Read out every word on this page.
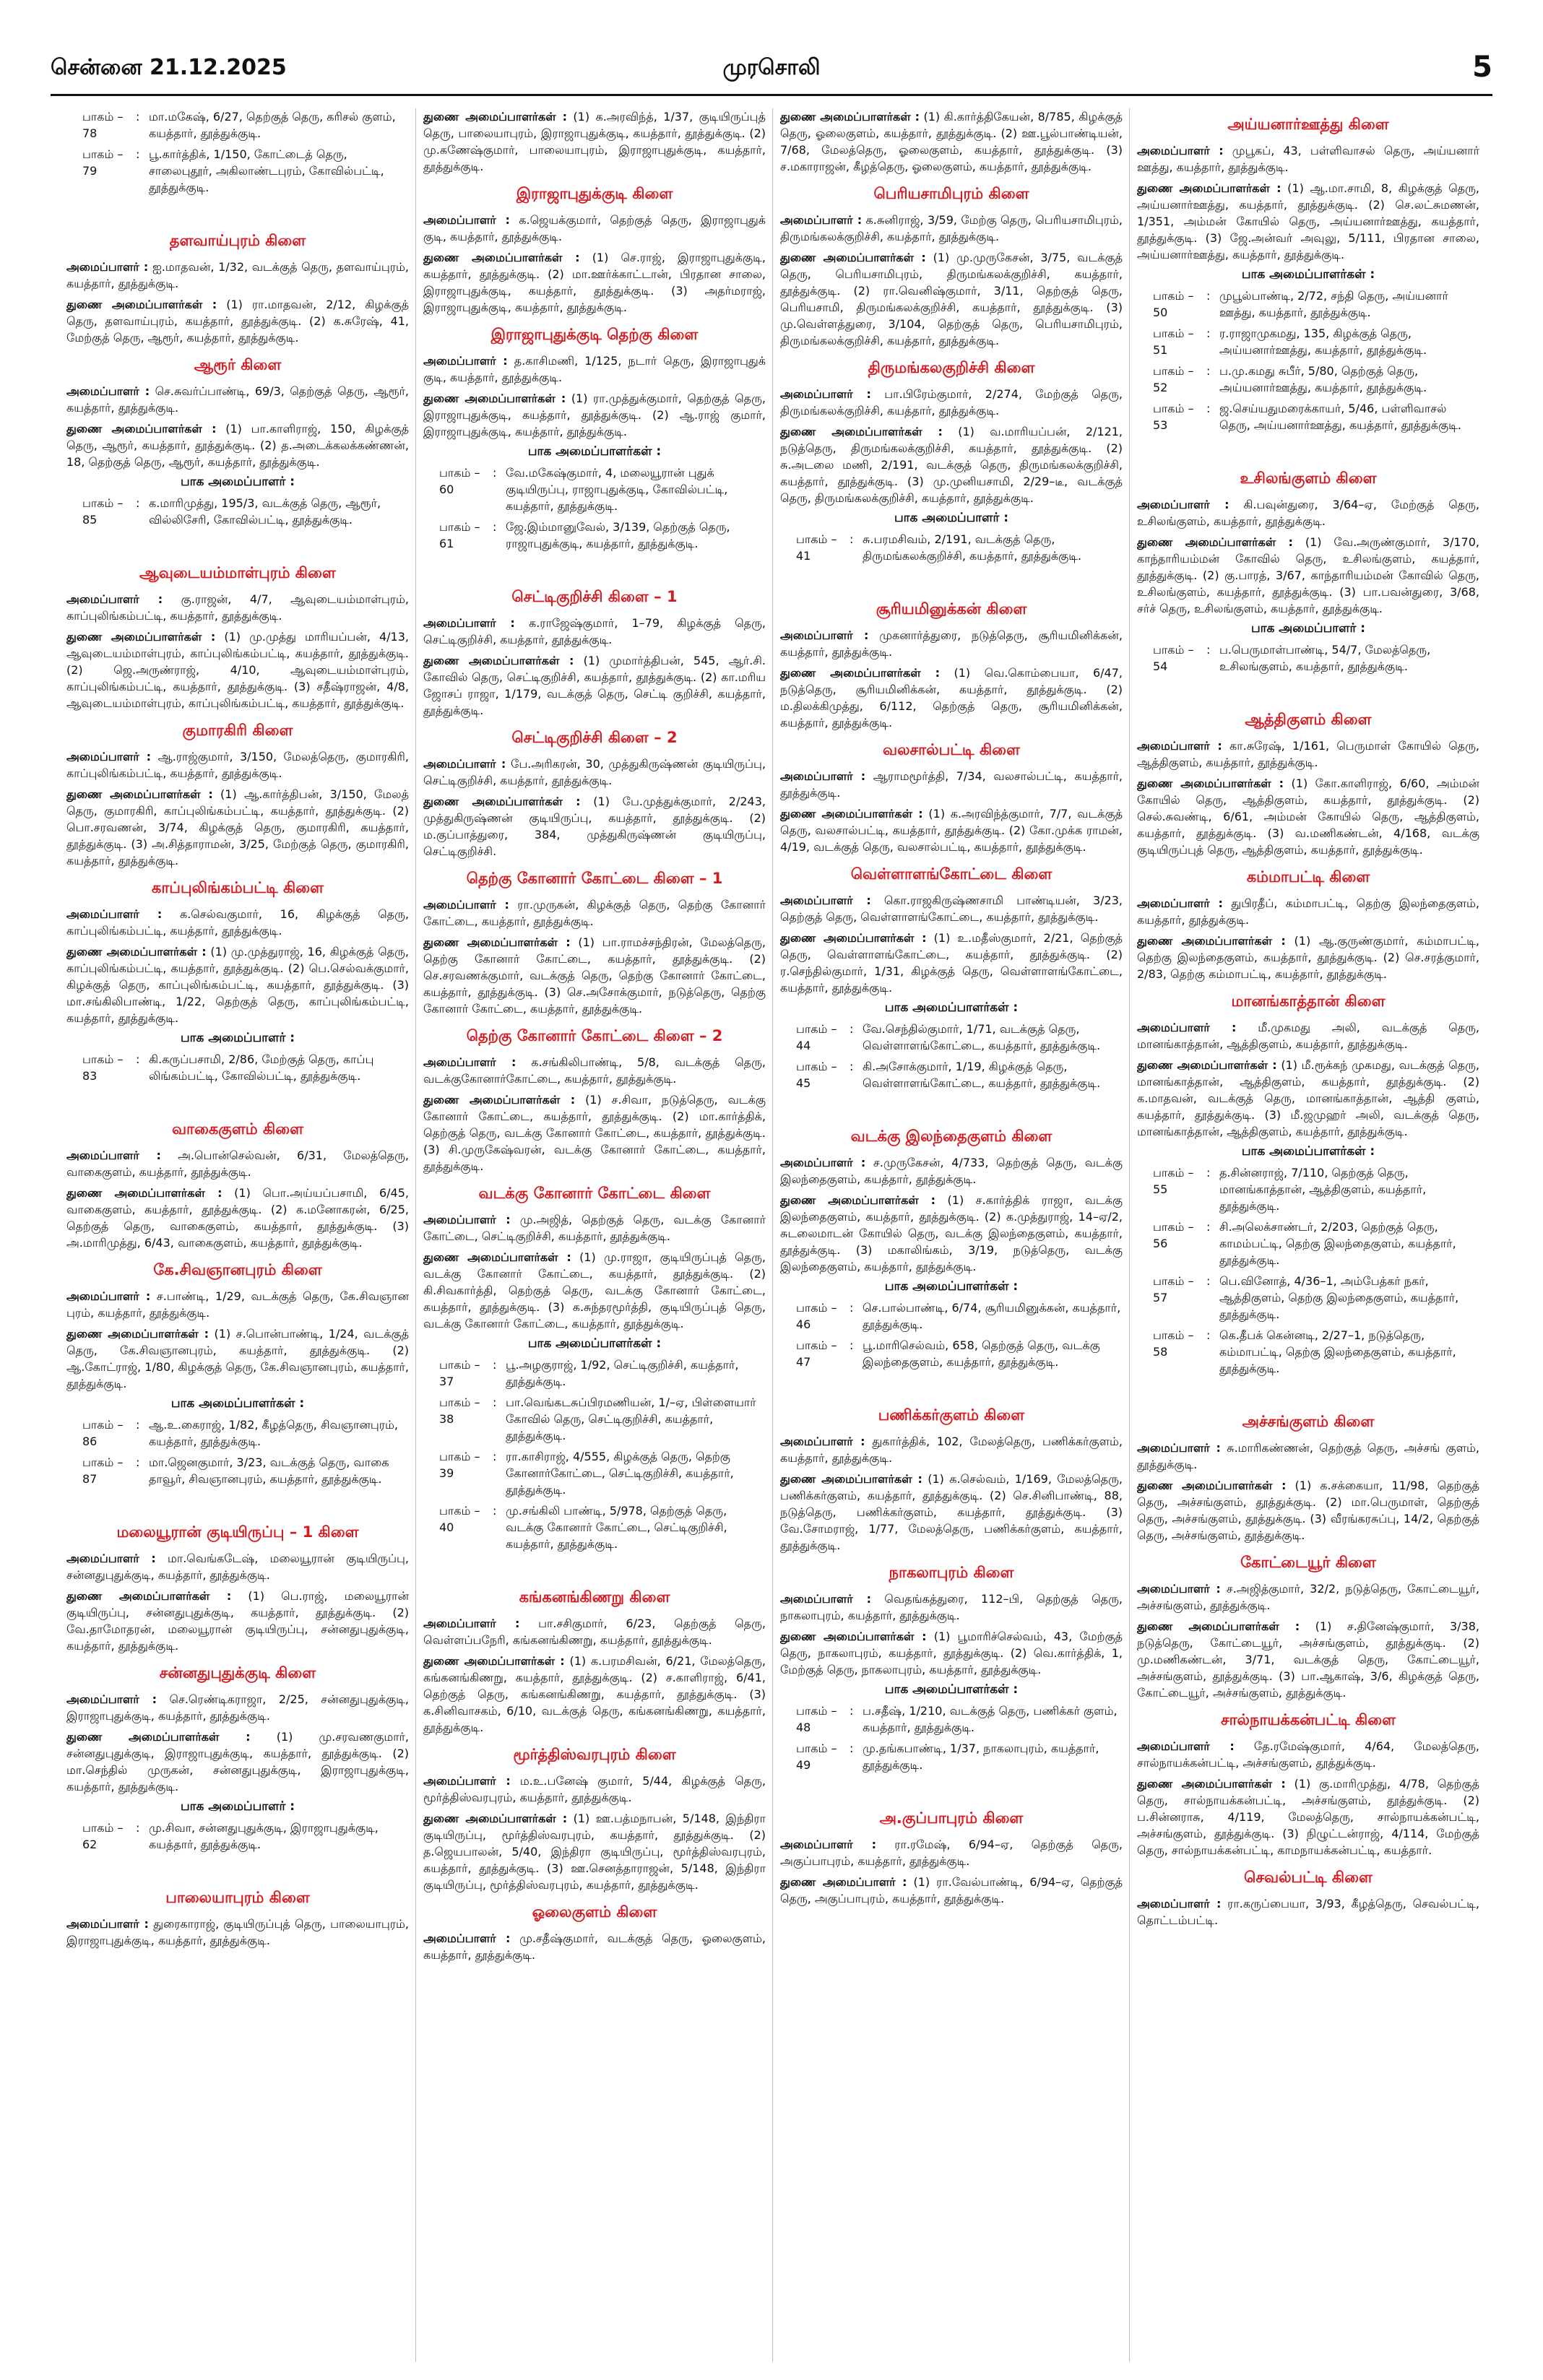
சென்னை 21.12.2025	முரசொலி	5
பாகம் – 78
: மா.மகேஷ், 6/27, தெற்குத் தெரு, கரிசல் குளம், கயத்தார், தூத்துக்குடி.
பாகம் – 79
: பூ.கார்த்திக், 1/150, கோட்டைத் தெரு, சாலைபுதூர், அகிலாண்டபுரம், கோவில்பட்டி, தூத்துக்குடி.
தளவாய்புரம் கிளை
அமைப்பாளர் : ஐ.மாதவன், 1/32, வடக்குத் தெரு, தளவாய்புரம், கயத்தார், தூத்துக்குடி.
துணை அமைப்பாளர்கள் : (1) ரா.மாதவன், 2/12, கிழக்குத் தெரு, தளவாய்புரம், கயத்தார், தூத்துக்குடி. (2) க.சுரேஷ், 41, மேற்குத் தெரு, ஆரூர், கயத்தார், தூத்துக்குடி.
ஆரூர் கிளை
அமைப்பாளர் : செ.சுவர்ப்பாண்டி, 69/3, தெற்குத் தெரு, ஆரூர், கயத்தார், தூத்துக்குடி.
துணை அமைப்பாளர்கள் : (1) பா.காளிராஜ், 150, கிழக்குத் தெரு, ஆரூர், கயத்தார், தூத்துக்குடி. (2) த.அடைக்கலக்கண்ணன், 18, தெற்குத் தெரு, ஆரூர், கயத்தார், தூத்துக்குடி.
பாக அமைப்பாளர் :
பாகம் – 85
: க.மாரிமுத்து, 195/3, வடக்குத் தெரு, ஆரூர், வில்லிசேரி, கோவில்பட்டி, தூத்துக்குடி.
ஆவுடையம்மாள்புரம் கிளை
அமைப்பாளர் : கு.ராஜன், 4/7, ஆவுடையம்மாள்புரம், காப்புலிங்கம்பட்டி, கயத்தார், தூத்துக்குடி.
துணை அமைப்பாளர்கள் : (1) மு.முத்து மாரியப்பன், 4/13, ஆவுடையம்மாள்புரம், காப்புலிங்கம்பட்டி, கயத்தார், தூத்துக்குடி. (2) ஜெ.அருண்ராஜ், 4/10, ஆவுடையம்மாள்புரம், காப்புலிங்கம்பட்டி, கயத்தார், தூத்துக்குடி. (3) சதீஷ்ராஜன், 4/8, ஆவுடையம்மாள்புரம், காப்புலிங்கம்பட்டி, கயத்தார், தூத்துக்குடி.
குமாரகிரி கிளை
அமைப்பாளர் : ஆ.ராஜ்குமார், 3/150, மேலத்தெரு, குமாரகிரி, காப்புலிங்கம்பட்டி, கயத்தார், தூத்துக்குடி.
துணை அமைப்பாளர்கள் : (1) ஆ.கார்த்திபன், 3/150, மேலத் தெரு, குமாரகிரி, காப்புலிங்கம்பட்டி, கயத்தார், தூத்துக்குடி. (2) பொ.சரவணன், 3/74, கிழக்குத் தெரு, குமாரகிரி, கயத்தார், தூத்துக்குடி. (3) அ.சித்தாராமன், 3/25, மேற்குத் தெரு, குமாரகிரி, கயத்தார், தூத்துக்குடி.
காப்புலிங்கம்பட்டி கிளை
அமைப்பாளர் : க.செல்வகுமார், 16, கிழக்குத் தெரு, காப்புலிங்கம்பட்டி, கயத்தார், தூத்துக்குடி.
துணை அமைப்பாளர்கள் : (1) மு.முத்துராஜ், 16, கிழக்குத் தெரு, காப்புலிங்கம்பட்டி, கயத்தார், தூத்துக்குடி. (2) பெ.செல்வக்குமார், கிழக்குத் தெரு, காப்புலிங்கம்பட்டி, கயத்தார், தூத்துக்குடி. (3) மா.சங்கிலிபாண்டி, 1/22, தெற்குத் தெரு, காப்புலிங்கம்பட்டி, கயத்தார், தூத்துக்குடி.
பாக அமைப்பாளர் :
பாகம் – 83
: கி.கருப்பசாமி, 2/86, மேற்குத் தெரு, காப்பு லிங்கம்பட்டி, கோவில்பட்டி, தூத்துக்குடி.
வாகைகுளம் கிளை
அமைப்பாளர் : அ.பொன்செல்வன், 6/31, மேலத்தெரு, வாகைகுளம், கயத்தார், தூத்துக்குடி.
துணை அமைப்பாளர்கள் : (1) பொ.அய்யப்பசாமி, 6/45, வாகைகுளம், கயத்தார், தூத்துக்குடி. (2) க.மனோகரன், 6/25, தெற்குத் தெரு, வாகைகுளம், கயத்தார், தூத்துக்குடி. (3) அ.மாரிமுத்து, 6/43, வாகைகுளம், கயத்தார், தூத்துக்குடி.
கே.சிவஞானபுரம் கிளை
அமைப்பாளர் : ச.பாண்டி, 1/29, வடக்குத் தெரு, கே.சிவஞான புரம், கயத்தார், தூத்துக்குடி.
துணை அமைப்பாளர்கள் : (1) ச.பொன்பாண்டி, 1/24, வடக்குத் தெரு, கே.சிவஞானபுரம், கயத்தார், தூத்துக்குடி. (2) ஆ.கோட்ராஜ், 1/80, கிழக்குத் தெரு, கே.சிவஞானபுரம், கயத்தார், தூத்துக்குடி.
பாக அமைப்பாளர்கள் :
பாகம் – 86
: ஆ.உ.கைராஜ், 1/82, கீழத்தெரு, சிவஞானபுரம், கயத்தார், தூத்துக்குடி.
பாகம் – 87
: மா.ஜெனகுமார், 3/23, வடக்குத் தெரு, வாகை தாவூர், சிவஞானபுரம், கயத்தார், தூத்துக்குடி.
மலையூரான் குடியிருப்பு – 1 கிளை
அமைப்பாளர் : மா.வெங்கடேஷ், மலையூரான் குடியிருப்பு, சன்னதுபுதுக்குடி, கயத்தார், தூத்துக்குடி.
துணை அமைப்பாளர்கள் : (1) பெ.ராஜ், மலையூரான் குடியிருப்பு, சன்னதுபுதுக்குடி, கயத்தார், தூத்துக்குடி. (2) வே.தாமோதரன், மலையூரான் குடியிருப்பு, சன்னதுபுதுக்குடி, கயத்தார், தூத்துக்குடி.
சன்னதுபுதுக்குடி கிளை
அமைப்பாளர் : செ.ரெண்டிகராஜா, 2/25, சன்னதுபுதுக்குடி, இராஜாபுதுக்குடி, கயத்தார், தூத்துக்குடி.
துணை அமைப்பாளர்கள் : (1) மு.சரவணகுமார், சன்னதுபுதுக்குடி, இராஜாபுதுக்குடி, கயத்தார், தூத்துக்குடி. (2) மா.செந்தில் முருகன், சன்னதுபுதுக்குடி, இராஜாபுதுக்குடி, கயத்தார், தூத்துக்குடி.
பாக அமைப்பாளர் :
பாகம் – 62
: மு.சிவா, சன்னதுபுதுக்குடி, இராஜாபுதுக்குடி, கயத்தார், தூத்துக்குடி.
பாலையாபுரம் கிளை
அமைப்பாளர் : துரைகாராஜ், குடியிருப்புத் தெரு, பாலையாபுரம், இராஜாபுதுக்குடி, கயத்தார், தூத்துக்குடி.
துணை அமைப்பாளர்கள் : (1) க.அரவிந்த், 1/37, குடியிருப்புத் தெரு, பாலையாபுரம், இராஜாபுதுக்குடி, கயத்தார், தூத்துக்குடி. (2) மு.கணேஷ்குமார், பாலையாபுரம், இராஜாபுதுக்குடி, கயத்தார், தூத்துக்குடி.
இராஜாபுதுக்குடி கிளை
அமைப்பாளர் : க.ஜெயக்குமார், தெற்குத் தெரு, இராஜாபுதுக் குடி, கயத்தார், தூத்துக்குடி.
துணை அமைப்பாளர்கள் : (1) செ.ராஜ், இராஜாபுதுக்குடி, கயத்தார், தூத்துக்குடி. (2) மா.ஊர்க்காட்டான், பிரதான சாலை, இராஜாபுதுக்குடி, கயத்தார், தூத்துக்குடி. (3) அதர்மராஜ், இராஜாபுதுக்குடி, கயத்தார், தூத்துக்குடி.
இராஜாபுதுக்குடி தெற்கு கிளை
அமைப்பாளர் : த.காசிமணி, 1/125, நடார் தெரு, இராஜாபுதுக் குடி, கயத்தார், தூத்துக்குடி.
துணை அமைப்பாளர்கள் : (1) ரா.முத்துக்குமார், தெற்குத் தெரு, இராஜாபுதுக்குடி, கயத்தார், தூத்துக்குடி. (2) ஆ.ராஜ் குமார், இராஜாபுதுக்குடி, கயத்தார், தூத்துக்குடி.
பாக அமைப்பாளர்கள் :
பாகம் – 60
: வே.மகேஷ்குமார், 4, மலையூரான் புதுக் குடியிருப்பு, ராஜாபுதுக்குடி, கோவில்பட்டி, கயத்தார், தூத்துக்குடி.
பாகம் – 61
: ஜே.இம்மானுவேல், 3/139, தெற்குத் தெரு, ராஜாபுதுக்குடி, கயத்தார், தூத்துக்குடி.
செட்டிகுறிச்சி கிளை – 1
அமைப்பாளர் : க.ராஜேஷ்குமார், 1–79, கிழக்குத் தெரு, செட்டிகுறிச்சி, கயத்தார், தூத்துக்குடி.
துணை அமைப்பாளர்கள் : (1) முமார்த்திபன், 545, ஆர்.சி. கோவில் தெரு, செட்டிகுறிச்சி, கயத்தார், தூத்துக்குடி. (2) கா.மரிய ஜோசப் ராஜா, 1/179, வடக்குத் தெரு, செட்டி குறிச்சி, கயத்தார், தூத்துக்குடி.
செட்டிகுறிச்சி கிளை – 2
அமைப்பாளர் : பே.அரிகரன், 30, முத்துகிருஷ்ணன் குடியிருப்பு, செட்டிகுறிச்சி, கயத்தார், தூத்துக்குடி.
துணை அமைப்பாளர்கள் : (1) பே.முத்துக்குமார், 2/243, முத்துகிருஷ்ணன் குடியிருப்பு, கயத்தார், தூத்துக்குடி. (2) ம.குப்பாத்துரை, 384, முத்துகிருஷ்ணன் குடியிருப்பு, செட்டிகுறிச்சி.
தெற்கு கோனார் கோட்டை கிளை – 1
அமைப்பாளர் : ரா.முருகன், கிழக்குத் தெரு, தெற்கு கோனார் கோட்டை, கயத்தார், தூத்துக்குடி.
துணை அமைப்பாளர்கள் : (1) பா.ராமச்சந்திரன், மேலத்தெரு, தெற்கு கோனார் கோட்டை, கயத்தார், தூத்துக்குடி. (2) செ.சரவணக்குமார், வடக்குத் தெரு, தெற்கு கோனார் கோட்டை, கயத்தார், தூத்துக்குடி. (3) செ.அசோக்குமார், நடுத்தெரு, தெற்கு கோனார் கோட்டை, கயத்தார், தூத்துக்குடி.
தெற்கு கோனார் கோட்டை கிளை – 2
அமைப்பாளர் : க.சங்கிலிபாண்டி, 5/8, வடக்குத் தெரு, வடக்குகோனார்கோட்டை, கயத்தார், தூத்துக்குடி.
துணை அமைப்பாளர்கள் : (1) ச.சிவா, நடுத்தெரு, வடக்கு கோனார் கோட்டை, கயத்தார், தூத்துக்குடி. (2) மா.கார்த்திக், தெற்குத் தெரு, வடக்கு கோனார் கோட்டை, கயத்தார், தூத்துக்குடி. (3) சி.முருகேஷ்வரன், வடக்கு கோனார் கோட்டை, கயத்தார், தூத்துக்குடி.
வடக்கு கோனார் கோட்டை கிளை
அமைப்பாளர் : மு.அஜித், தெற்குத் தெரு, வடக்கு கோனார் கோட்டை, செட்டிகுறிச்சி, கயத்தார், தூத்துக்குடி.
துணை அமைப்பாளர்கள் : (1) மு.ராஜா, குடியிருப்புத் தெரு, வடக்கு கோனார் கோட்டை, கயத்தார், தூத்துக்குடி. (2) கி.சிவகார்த்தி, தெற்குத் தெரு, வடக்கு கோனார் கோட்டை, கயத்தார், தூத்துக்குடி. (3) க.சுந்தரமூர்த்தி, குடியிருப்புத் தெரு, வடக்கு கோனார் கோட்டை, கயத்தார், தூத்துக்குடி.
பாக அமைப்பாளர்கள் :
பாகம் – 37
: பூ.அழகுராஜ், 1/92, செட்டிகுறிச்சி, கயத்தார், தூத்துக்குடி.
பாகம் – 38
: பா.வெங்கடசுப்பிரமணியன், 1/–ஏ, பிள்ளையார் கோவில் தெரு, செட்டிகுறிச்சி, கயத்தார், தூத்துக்குடி.
பாகம் – 39
: ரா.காசிராஜ், 4/555, கிழக்குத் தெரு, தெற்கு கோனார்கோட்டை, செட்டிகுறிச்சி, கயத்தார், தூத்துக்குடி.
பாகம் – 40
: மு.சங்கிலி பாண்டி, 5/978, தெற்குத் தெரு, வடக்கு கோனார் கோட்டை, செட்டிகுறிச்சி, கயத்தார், தூத்துக்குடி.
கங்கனங்கிணறு கிளை
அமைப்பாளர் : பா.சசிகுமார், 6/23, தெற்குத் தெரு, வெள்ளப்பநேரி, கங்கனங்கிணறு, கயத்தார், தூத்துக்குடி.
துணை அமைப்பாளர்கள் : (1) க.பரமசிவன், 6/21, மேலத்தெரு, கங்கனங்கிணறு, கயத்தார், தூத்துக்குடி. (2) ச.காளிராஜ், 6/41, தெற்குத் தெரு, கங்கனங்கிணறு, கயத்தார், தூத்துக்குடி. (3) க.சினிவாசகம், 6/10, வடக்குத் தெரு, கங்கனங்கிணறு, கயத்தார், தூத்துக்குடி.
மூர்த்திஸ்வரபுரம் கிளை
அமைப்பாளர் : ம.உ.பனேஷ் குமார், 5/44, கிழக்குத் தெரு, மூர்த்திஸ்வரபுரம், கயத்தார், தூத்துக்குடி.
துணை அமைப்பாளர்கள் : (1) ஊ.பத்மநாபன், 5/148, இந்திரா குடியிருப்பு, மூர்த்திஸ்வரபுரம், கயத்தார், தூத்துக்குடி. (2) த.ஜெயபாலன், 5/40, இந்திரா குடியிருப்பு, மூர்த்திஸ்வரபுரம், கயத்தார், தூத்துக்குடி. (3) ஊ.செனத்தாராஜன், 5/148, இந்திரா குடியிருப்பு, மூர்த்திஸ்வரபுரம், கயத்தார், தூத்துக்குடி.
ஓலைகுளம் கிளை
அமைப்பாளர் : மு.சதீஷ்குமார், வடக்குத் தெரு, ஓலைகுளம், கயத்தார், தூத்துக்குடி.
துணை அமைப்பாளர்கள் : (1) கி.கார்த்திகேயன், 8/785, கிழக்குத் தெரு, ஓலைகுளம், கயத்தார், தூத்துக்குடி. (2) ஊ.பூல்பாண்டியன், 7/68, மேலத்தெரு, ஓலைகுளம், கயத்தார், தூத்துக்குடி. (3) ச.மகாராஜன், கீழத்தெரு, ஓலைகுளம், கயத்தார், தூத்துக்குடி.
பெரியசாமிபுரம் கிளை
அமைப்பாளர் : க.சுனிராஜ், 3/59, மேற்கு தெரு, பெரியசாமிபுரம், திருமங்கலக்குறிச்சி, கயத்தார், தூத்துக்குடி.
துணை அமைப்பாளர்கள் : (1) மு.முருகேசன், 3/75, வடக்குத் தெரு, பெரியசாமிபுரம், திருமங்கலக்குறிச்சி, கயத்தார், தூத்துக்குடி. (2) ரா.வெனிஷ்குமார், 3/11, தெற்குத் தெரு, பெரியசாமி, திருமங்கலக்குறிச்சி, கயத்தார், தூத்துக்குடி. (3) மு.வெள்ளத்துரை, 3/104, தெற்குத் தெரு, பெரியசாமிபுரம், திருமங்கலக்குறிச்சி, கயத்தார், தூத்துக்குடி.
திருமங்கலகுறிச்சி கிளை
அமைப்பாளர் : பா.பிரேம்குமார், 2/274, மேற்குத் தெரு, திருமங்கலக்குறிச்சி, கயத்தார், தூத்துக்குடி.
துணை அமைப்பாளர்கள் : (1) வ.மாரியப்பன், 2/121, நடுத்தெரு, திருமங்கலக்குறிச்சி, கயத்தார், தூத்துக்குடி. (2) சு.அடலை மணி, 2/191, வடக்குத் தெரு, திருமங்கலக்குறிச்சி, கயத்தார், தூத்துக்குடி. (3) மு.முனியசாமி, 2/29–டீ, வடக்குத் தெரு, திருமங்கலக்குறிச்சி, கயத்தார், தூத்துக்குடி.
பாக அமைப்பாளர் :
பாகம் – 41
: சு.பரமசிவம், 2/191, வடக்குத் தெரு, திருமங்கலக்குறிச்சி, கயத்தார், தூத்துக்குடி.
சூரியமினுக்கன் கிளை
அமைப்பாளர் : முகனார்த்துரை, நடுத்தெரு, சூரியமினிக்கன், கயத்தார், தூத்துக்குடி.
துணை அமைப்பாளர்கள் : (1) வெ.கொம்பையா, 6/47, நடுத்தெரு, சூரியமினிக்கன், கயத்தார், தூத்துக்குடி. (2) ம.திலக்கிமுத்து, 6/112, தெற்குத் தெரு, சூரியமினிக்கன், கயத்தார், தூத்துக்குடி.
வலசால்பட்டி கிளை
அமைப்பாளர் : ஆராமமூர்த்தி, 7/34, வலசால்பட்டி, கயத்தார், தூத்துக்குடி.
துணை அமைப்பாளர்கள் : (1) க.அரவிந்த்குமார், 7/7, வடக்குத் தெரு, வலசால்பட்டி, கயத்தார், தூத்துக்குடி. (2) கோ.முக்க ராமன், 4/19, வடக்குத் தெரு, வலசால்பட்டி, கயத்தார், தூத்துக்குடி.
வெள்ளாளங்கோட்டை கிளை
அமைப்பாளர் : கொ.ராஜகிருஷ்ணசாமி பாண்டியன், 3/23, தெற்குத் தெரு, வெள்ளாளங்கோட்டை, கயத்தார், தூத்துக்குடி.
துணை அமைப்பாளர்கள் : (1) உ.மதீஸ்குமார், 2/21, தெற்குத் தெரு, வெள்ளாளங்கோட்டை, கயத்தார், தூத்துக்குடி. (2) ர.செந்தில்குமார், 1/31, கிழக்குத் தெரு, வெள்ளாளங்கோட்டை, கயத்தார், தூத்துக்குடி.
பாக அமைப்பாளர்கள் :
பாகம் – 44
: வே.செந்தில்குமார், 1/71, வடக்குத் தெரு, வெள்ளாளங்கோட்டை, கயத்தார், தூத்துக்குடி.
பாகம் – 45
: கி.அசோக்குமார், 1/19, கிழக்குத் தெரு, வெள்ளாளங்கோட்டை, கயத்தார், தூத்துக்குடி.
வடக்கு இலந்தைகுளம் கிளை
அமைப்பாளர் : ச.முருகேசன், 4/733, தெற்குத் தெரு, வடக்கு இலந்தைகுளம், கயத்தார், தூத்துக்குடி.
துணை அமைப்பாளர்கள் : (1) ச.கார்த்திக் ராஜா, வடக்கு இலந்தைகுளம், கயத்தார், தூத்துக்குடி. (2) க.முத்துராஜ், 14–ஏ/2, சுடலைமாடன் கோயில் தெரு, வடக்கு இலந்தைகுளம், கயத்தார், தூத்துக்குடி. (3) மகாலிங்கம், 3/19, நடுத்தெரு, வடக்கு இலந்தைகுளம், கயத்தார், தூத்துக்குடி.
பாக அமைப்பாளர்கள் :
பாகம் – 46
: செ.பால்பாண்டி, 6/74, சூரியமினுக்கன், கயத்தார், தூத்துக்குடி.
பாகம் – 47
: பூ.மாரிசெல்வம், 658, தெற்குத் தெரு, வடக்கு இலந்தைகுளம், கயத்தார், தூத்துக்குடி.
பணிக்கர்குளம் கிளை
அமைப்பாளர் : துகார்த்திக், 102, மேலத்தெரு, பணிக்கர்குளம், கயத்தார், தூத்துக்குடி.
துணை அமைப்பாளர்கள் : (1) க.செல்வம், 1/169, மேலத்தெரு, பணிக்கர்குளம், கயத்தார், தூத்துக்குடி. (2) செ.சினிபாண்டி, 88, நடுத்தெரு, பணிக்கர்குளம், கயத்தார், தூத்துக்குடி. (3) வே.சோமராஜ், 1/77, மேலத்தெரு, பணிக்கர்குளம், கயத்தார், தூத்துக்குடி.
நாகலாபுரம் கிளை
அமைப்பாளர் : வெதங்கத்துரை, 112–பி, தெற்குத் தெரு, நாகலாபுரம், கயத்தார், தூத்துக்குடி.
துணை அமைப்பாளர்கள் : (1) பூமாரிச்செல்வம், 43, மேற்குத் தெரு, நாகலாபுரம், கயத்தார், தூத்துக்குடி. (2) வெ.கார்த்திக், 1, மேற்குத் தெரு, நாகலாபுரம், கயத்தார், தூத்துக்குடி.
பாக அமைப்பாளர்கள் :
பாகம் – 48
: ப.சதீஷ், 1/210, வடக்குத் தெரு, பணிக்கர் குளம், கயத்தார், தூத்துக்குடி.
பாகம் – 49
: மு.தங்கபாண்டி, 1/37, நாகலாபுரம், கயத்தார், தூத்துக்குடி.
அ.குப்பாபுரம் கிளை
அமைப்பாளர் : ரா.ரமேஷ், 6/94–ஏ, தெற்குத் தெரு, அகுப்பாபுரம், கயத்தார், தூத்துக்குடி.
துணை அமைப்பாளர் : (1) ரா.வேல்பாண்டி, 6/94–ஏ, தெற்குத் தெரு, அகுப்பாபுரம், கயத்தார், தூத்துக்குடி.
அய்யனார்ஊத்து கிளை
அமைப்பாளர் : முபூகப், 43, பள்ளிவாசல் தெரு, அய்யனார் ஊத்து, கயத்தார், தூத்துக்குடி.
துணை அமைப்பாளர்கள் : (1) ஆ.மா.சாமி, 8, கிழக்குத் தெரு, அய்யனார்ஊத்து, கயத்தார், தூத்துக்குடி. (2) செ.லட்சுமணன், 1/351, அம்மன் கோயில் தெரு, அய்யனார்ஊத்து, கயத்தார், தூத்துக்குடி. (3) ஜே.அன்வர் அவுலு, 5/111, பிரதான சாலை, அய்யனார்ஊத்து, கயத்தார், தூத்துக்குடி.
பாக அமைப்பாளர்கள் :
பாகம் – 50
: முபூல்பாண்டி, 2/72, சந்தி தெரு, அய்யனார் ஊத்து, கயத்தார், தூத்துக்குடி.
பாகம் – 51
: ர.ராஜாமுகமது, 135, கிழக்குத் தெரு, அய்யனார்ஊத்து, கயத்தார், தூத்துக்குடி.
பாகம் – 52
: ப.மு.கமது சுபீர், 5/80, தெற்குத் தெரு, அய்யனார்ஊத்து, கயத்தார், தூத்துக்குடி.
பாகம் – 53
: ஜ.செய்யதுமரைக்காயர், 5/46, பள்ளிவாசல் தெரு, அய்யனார்ஊத்து, கயத்தார், தூத்துக்குடி.
உசிலங்குளம் கிளை
அமைப்பாளர் : கி.பவுன்துரை, 3/64–ஏ, மேற்குத் தெரு, உசிலங்குளம், கயத்தார், தூத்துக்குடி.
துணை அமைப்பாளர்கள் : (1) வே.அருண்குமார், 3/170, காந்தாரியம்மன் கோவில் தெரு, உசிலங்குளம், கயத்தார், தூத்துக்குடி. (2) கு.பாரத், 3/67, காந்தாரியம்மன் கோவில் தெரு, உசிலங்குளம், கயத்தார், தூத்துக்குடி. (3) பா.பவன்துரை, 3/68, சர்ச் தெரு, உசிலங்குளம், கயத்தார், தூத்துக்குடி.
பாக அமைப்பாளர் :
பாகம் – 54
: ப.பெருமாள்பாண்டி, 54/7, மேலத்தெரு, உசிலங்குளம், கயத்தார், தூத்துக்குடி.
ஆத்திகுளம் கிளை
அமைப்பாளர் : கா.சுரேஷ், 1/161, பெருமாள் கோயில் தெரு, ஆத்திகுளம், கயத்தார், தூத்துக்குடி.
துணை அமைப்பாளர்கள் : (1) கோ.காளிராஜ், 6/60, அம்மன் கோயில் தெரு, ஆத்திகுளம், கயத்தார், தூத்துக்குடி. (2) செல்.சுவண்டி, 6/61, அம்மன் கோயில் தெரு, ஆத்திகுளம், கயத்தார், தூத்துக்குடி. (3) வ.மணிகண்டன், 4/168, வடக்கு குடியிருப்புத் தெரு, ஆத்திகுளம், கயத்தார், தூத்துக்குடி.
கம்மாபட்டி கிளை
அமைப்பாளர் : துபிரதீப், கம்மாபட்டி, தெற்கு இலந்தைகுளம், கயத்தார், தூத்துக்குடி.
துணை அமைப்பாளர்கள் : (1) ஆ.குருண்குமார், கம்மாபட்டி, தெற்கு இலந்தைகுளம், கயத்தார், தூத்துக்குடி. (2) செ.சரத்குமார், 2/83, தெற்கு கம்மாபட்டி, கயத்தார், தூத்துக்குடி.
மானங்காத்தான் கிளை
அமைப்பாளர் : மீ.முகமது அலி, வடக்குத் தெரு, மானங்காத்தான், ஆத்திகுளம், கயத்தார், தூத்துக்குடி.
துணை அமைப்பாளர்கள் : (1) மீ.ரூக்கந் முகமது, வடக்குத் தெரு, மானங்காத்தான், ஆத்திகுளம், கயத்தார், தூத்துக்குடி. (2) க.மாதவன், வடக்குத் தெரு, மானங்காத்தான், ஆத்தி குளம், கயத்தார், தூத்துக்குடி. (3) மீ.ஜமுஹர் அலி, வடக்குத் தெரு, மானங்காத்தான், ஆத்திகுளம், கயத்தார், தூத்துக்குடி.
பாக அமைப்பாளர்கள் :
பாகம் – 55
: த.சின்னராஜ், 7/110, தெற்குத் தெரு, மானங்காத்தான், ஆத்திகுளம், கயத்தார், தூத்துக்குடி.
பாகம் – 56
: சி.அலெக்சாண்டர், 2/203, தெற்குத் தெரு, காமம்பட்டி, தெற்கு இலந்தைகுளம், கயத்தார், தூத்துக்குடி.
பாகம் – 57
: பெ.வினோத், 4/36–1, அம்பேத்கர் நகர், ஆத்திகுளம், தெற்கு இலந்தைகுளம், கயத்தார், தூத்துக்குடி.
பாகம் – 58
: கெ.தீபக் கென்னடி, 2/27–1, நடுத்தெரு, கம்மாபட்டி, தெற்கு இலந்தைகுளம், கயத்தார், தூத்துக்குடி.
அச்சங்குளம் கிளை
அமைப்பாளர் : சு.மாரிகண்ணன், தெற்குத் தெரு, அச்சங் குளம், தூத்துக்குடி.
துணை அமைப்பாளர்கள் : (1) க.சக்கையா, 11/98, தெற்குத் தெரு, அச்சங்குளம், தூத்துக்குடி. (2) மா.பெருமாள், தெற்குத் தெரு, அச்சங்குளம், தூத்துக்குடி. (3) வீரங்கரசுப்பு, 14/2, தெற்குத் தெரு, அச்சங்குளம், தூத்துக்குடி.
கோட்டையூர் கிளை
அமைப்பாளர் : ச.அஜித்குமார், 32/2, நடுத்தெரு, கோட்டையூர், அச்சங்குளம், தூத்துக்குடி.
துணை அமைப்பாளர்கள் : (1) ச.தினேஷ்குமார், 3/38, நடுத்தெரு, கோட்டையூர், அச்சங்குளம், தூத்துக்குடி. (2) மு.மணிகண்டன், 3/71, வடக்குத் தெரு, கோட்டையூர், அச்சங்குளம், தூத்துக்குடி. (3) பா.ஆகாஷ், 3/6, கிழக்குத் தெரு, கோட்டையூர், அச்சங்குளம், தூத்துக்குடி.
சால்நாயக்கன்பட்டி கிளை
அமைப்பாளர் : தே.ரமேஷ்குமார், 4/64, மேலத்தெரு, சால்நாயக்கன்பட்டி, அச்சங்குளம், தூத்துக்குடி.
துணை அமைப்பாளர்கள் : (1) கு.மாரிமுத்து, 4/78, தெற்குத் தெரு, சால்நாயக்கன்பட்டி, அச்சங்குளம், தூத்துக்குடி. (2) ப.சின்னராசு, 4/119, மேலத்தெரு, சால்நாயக்கன்பட்டி, அச்சங்குளம், தூத்துக்குடி. (3) நிழுட்டன்ராஜ், 4/114, மேற்குத் தெரு, சால்நாயக்கன்பட்டி, காமநாயக்கன்பட்டி, கயத்தார்.
செவல்பட்டி கிளை
அமைப்பாளர் : ரா.கருப்பையா, 3/93, கீழத்தெரு, செவல்பட்டி, தொட்டம்பட்டி.
